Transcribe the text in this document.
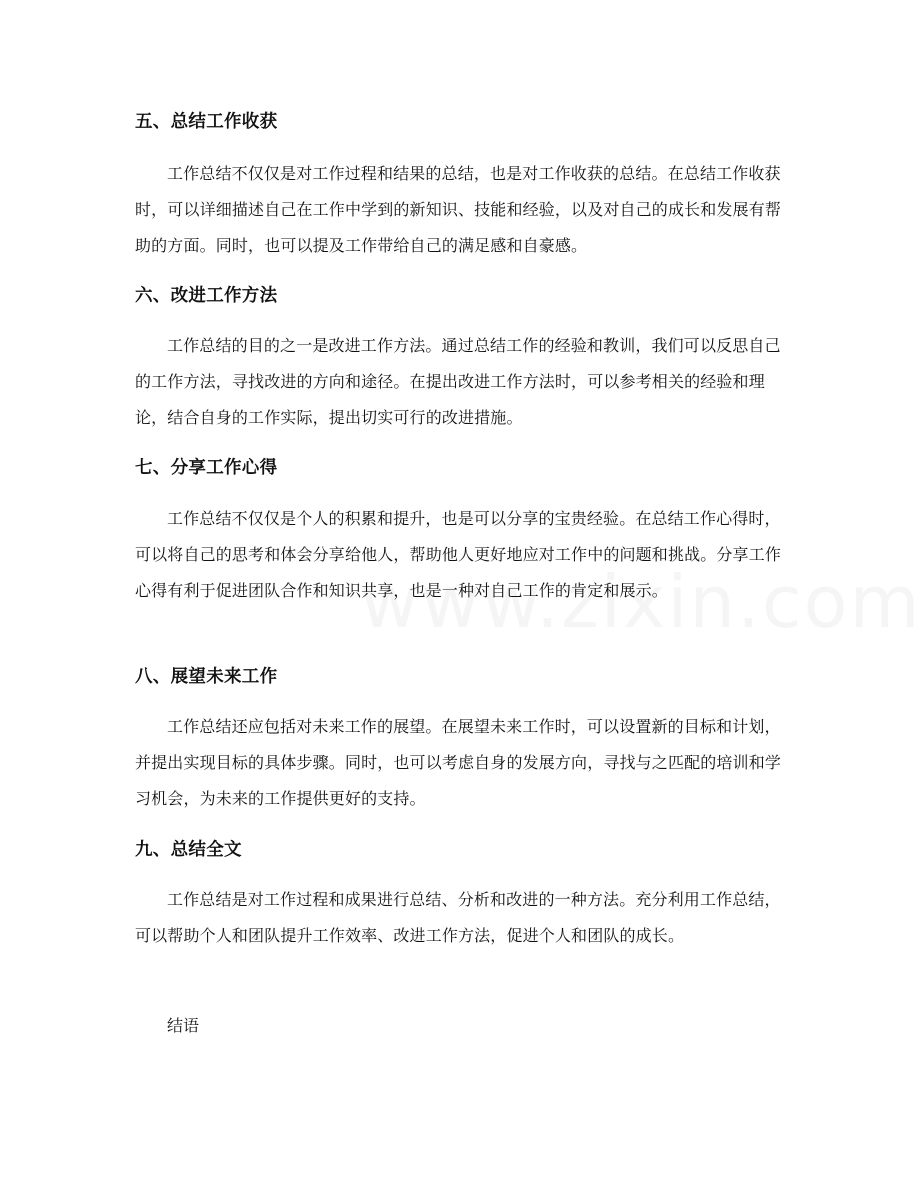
五、总结工作收获
工作总结不仅仅是对工作过程和结果的总结，也是对工作收获的总结。在总结工作收获时，可以详细描述自己在工作中学到的新知识、技能和经验，以及对自己的成长和发展有帮助的方面。同时，也可以提及工作带给自己的满足感和自豪感。
六、改进工作方法
工作总结的目的之一是改进工作方法。通过总结工作的经验和教训，我们可以反思自己的工作方法，寻找改进的方向和途径。在提出改进工作方法时，可以参考相关的经验和理论，结合自身的工作实际，提出切实可行的改进措施。
七、分享工作心得
工作总结不仅仅是个人的积累和提升，也是可以分享的宝贵经验。在总结工作心得时，可以将自己的思考和体会分享给他人，帮助他人更好地应对工作中的问题和挑战。分享工作心得有利于促进团队合作和知识共享，也是一种对自己工作的肯定和展示。
八、展望未来工作
工作总结还应包括对未来工作的展望。在展望未来工作时，可以设置新的目标和计划，并提出实现目标的具体步骤。同时，也可以考虑自身的发展方向，寻找与之匹配的培训和学习机会，为未来的工作提供更好的支持。
九、总结全文
工作总结是对工作过程和成果进行总结、分析和改进的一种方法。充分利用工作总结，可以帮助个人和团队提升工作效率、改进工作方法，促进个人和团队的成长。
结语
